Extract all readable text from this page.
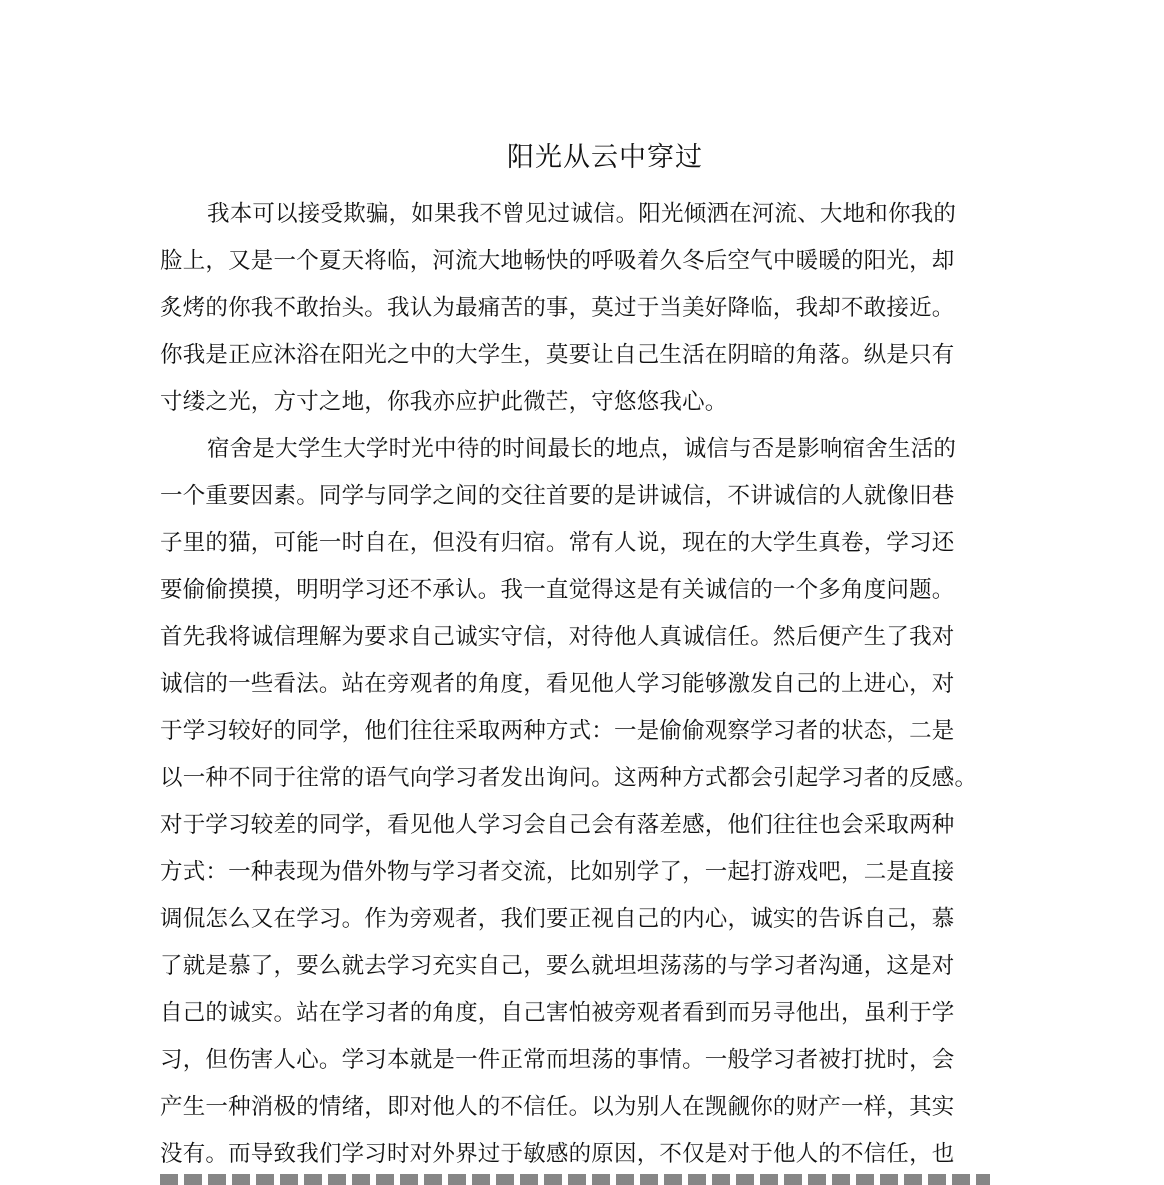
阳光从云中穿过
我本可以接受欺骗，如果我不曾见过诚信。阳光倾洒在河流、大地和你我的
脸上，又是一个夏天将临，河流大地畅快的呼吸着久冬后空气中暖暖的阳光，却
炙烤的你我不敢抬头。我认为最痛苦的事，莫过于当美好降临，我却不敢接近。
你我是正应沐浴在阳光之中的大学生，莫要让自己生活在阴暗的角落。纵是只有
寸缕之光，方寸之地，你我亦应护此微芒，守悠悠我心。
宿舍是大学生大学时光中待的时间最长的地点，诚信与否是影响宿舍生活的
一个重要因素。同学与同学之间的交往首要的是讲诚信，不讲诚信的人就像旧巷
子里的猫，可能一时自在，但没有归宿。常有人说，现在的大学生真卷，学习还
要偷偷摸摸，明明学习还不承认。我一直觉得这是有关诚信的一个多角度问题。
首先我将诚信理解为要求自己诚实守信，对待他人真诚信任。然后便产生了我对
诚信的一些看法。站在旁观者的角度，看见他人学习能够激发自己的上进心，对
于学习较好的同学，他们往往采取两种方式：一是偷偷观察学习者的状态，二是
以一种不同于往常的语气向学习者发出询问。这两种方式都会引起学习者的反感。
对于学习较差的同学，看见他人学习会自己会有落差感，他们往往也会采取两种
方式：一种表现为借外物与学习者交流，比如别学了，一起打游戏吧，二是直接
调侃怎么又在学习。作为旁观者，我们要正视自己的内心，诚实的告诉自己，慕
了就是慕了，要么就去学习充实自己，要么就坦坦荡荡的与学习者沟通，这是对
自己的诚实。站在学习者的角度，自己害怕被旁观者看到而另寻他出，虽利于学
习，但伤害人心。学习本就是一件正常而坦荡的事情。一般学习者被打扰时，会
产生一种消极的情绪，即对他人的不信任。以为别人在觊觎你的财产一样，其实
没有。而导致我们学习时对外界过于敏感的原因，不仅是对于他人的不信任，也
